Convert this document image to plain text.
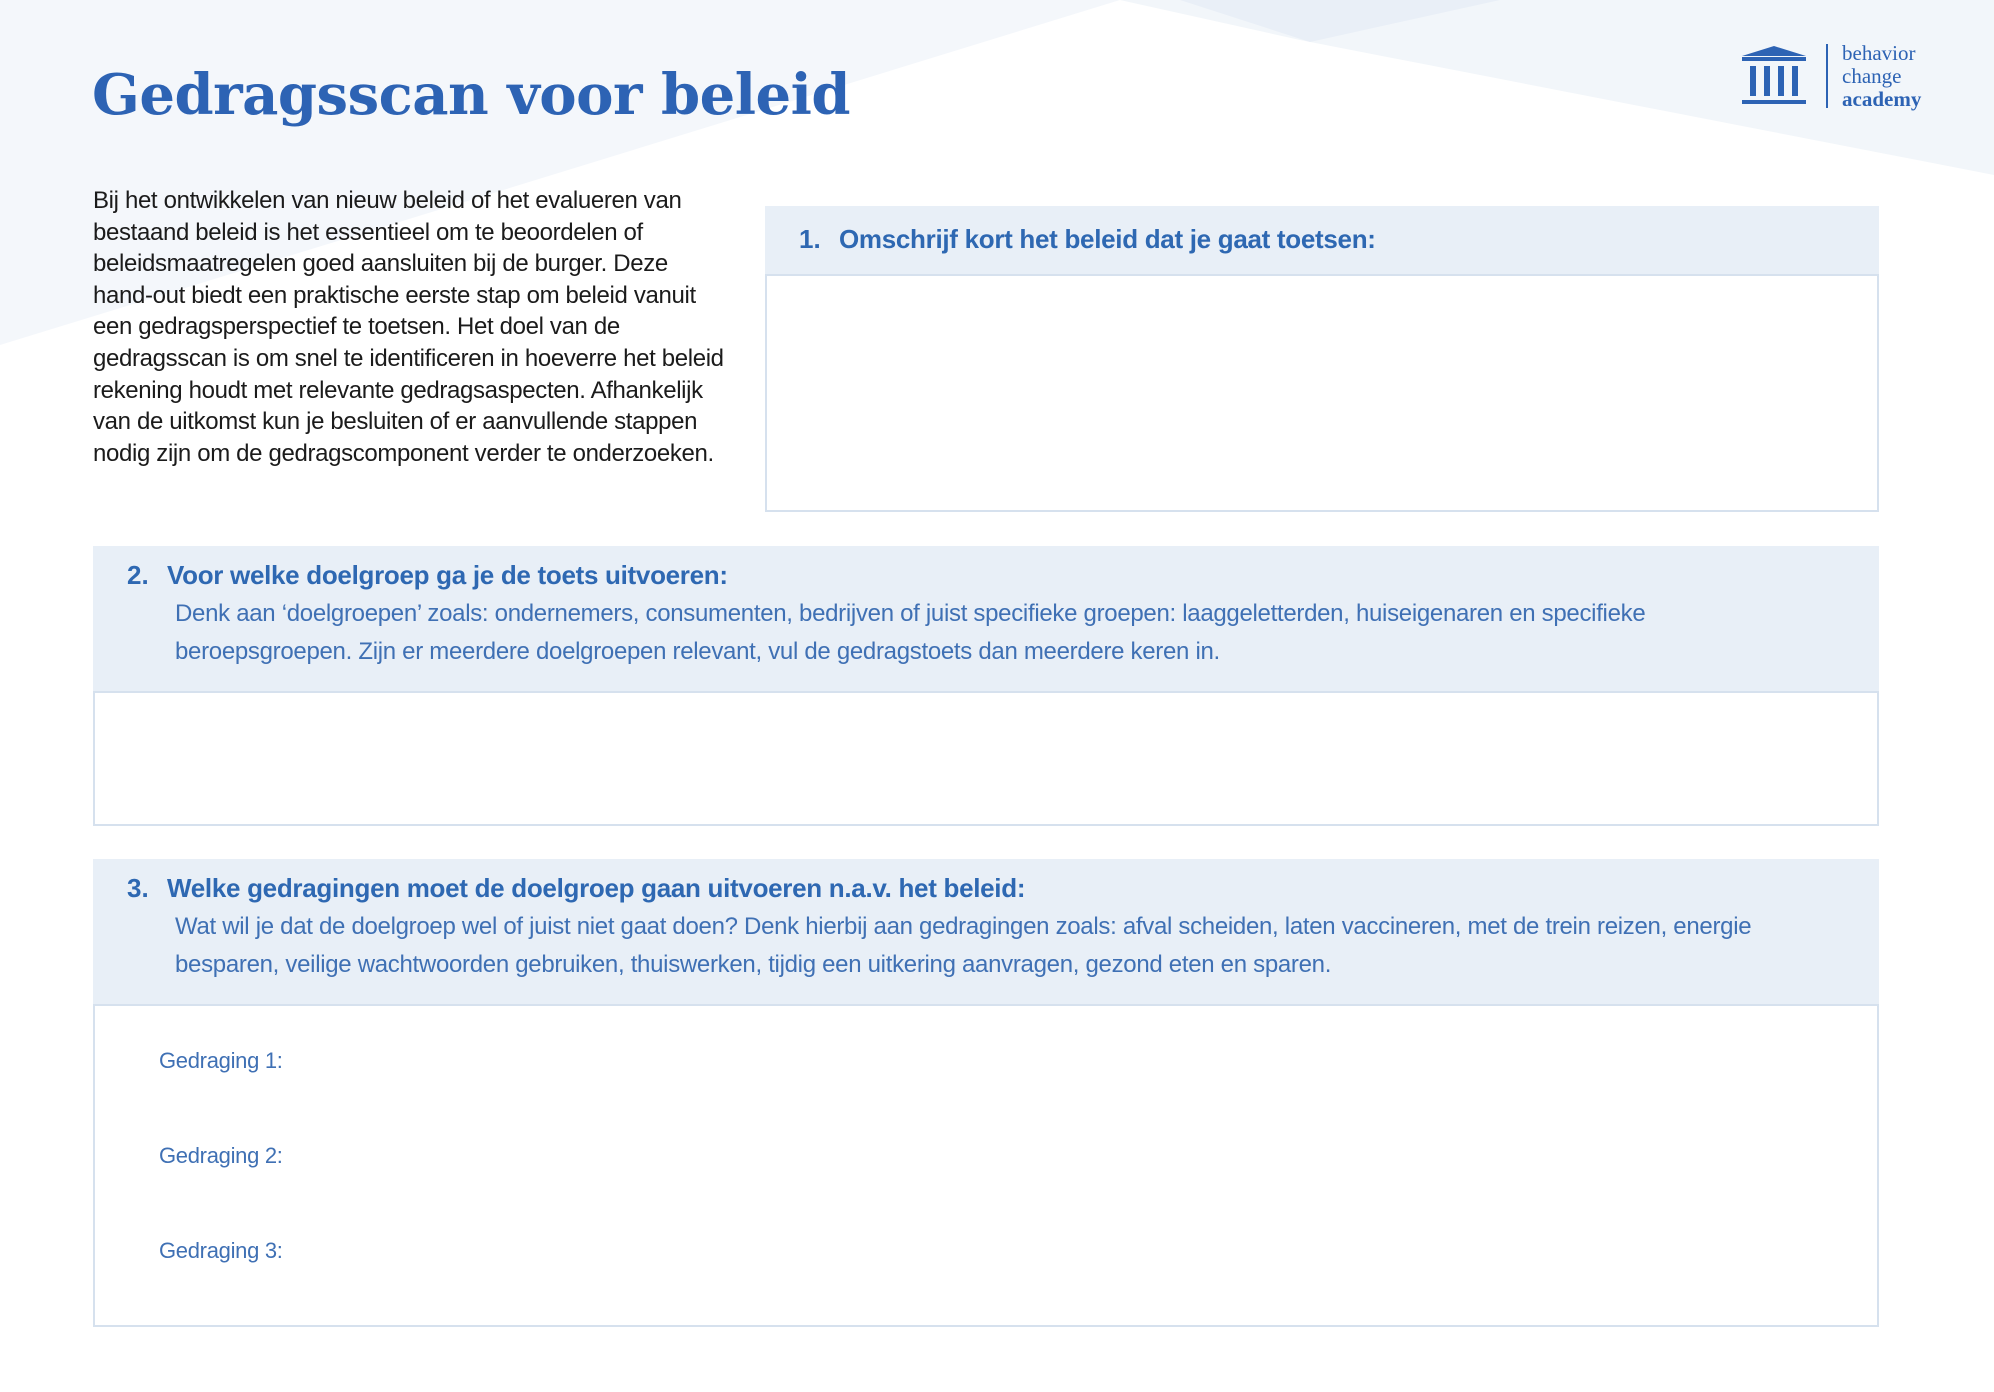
Gedragsscan voor beleid
behavior
change
academy

Bij het ontwikkelen van nieuw beleid of het evalueren van bestaand beleid is het essentieel om te beoordelen of beleidsmaatregelen goed aansluiten bij de burger. Deze hand-out biedt een praktische eerste stap om beleid vanuit een gedragsperspectief te toetsen. Het doel van de gedragsscan is om snel te identificeren in hoeverre het beleid rekening houdt met relevante gedragsaspecten. Afhankelijk van de uitkomst kun je besluiten of er aanvullende stappen nodig zijn om de gedragscomponent verder te onderzoeken.

1. Omschrijf kort het beleid dat je gaat toetsen:
2. Voor welke doelgroep ga je de toets uitvoeren:

Denk aan ‘doelgroepen’ zoals: ondernemers, consumenten, bedrijven of juist specifieke groepen: laaggeletterden, huiseigenaren en specifieke beroepsgroepen. Zijn er meerdere doelgroepen relevant, vul de gedragstoets dan meerdere keren in.

3. Welke gedragingen moet de doelgroep gaan uitvoeren n.a.v. het beleid:

Wat wil je dat de doelgroep wel of juist niet gaat doen? Denk hierbij aan gedragingen zoals: afval scheiden, laten vaccineren, met de trein reizen, energie besparen, veilige wachtwoorden gebruiken, thuiswerken, tijdig een uitkering aanvragen, gezond eten en sparen.

Gedraging 1:
Gedraging 2:
Gedraging 3:
